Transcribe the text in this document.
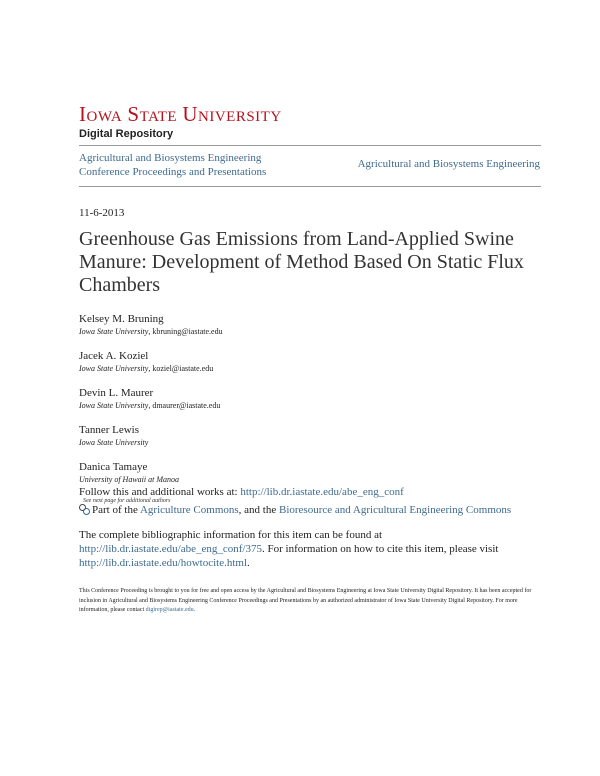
IOWA STATE UNIVERSITY
Digital Repository
Agricultural and Biosystems Engineering Conference Proceedings and Presentations
Agricultural and Biosystems Engineering
11-6-2013
Greenhouse Gas Emissions from Land-Applied Swine Manure: Development of Method Based On Static Flux Chambers
Kelsey M. Bruning
Iowa State University, kbruning@iastate.edu
Jacek A. Koziel
Iowa State University, koziel@iastate.edu
Devin L. Maurer
Iowa State University, dmaurer@iastate.edu
Tanner Lewis
Iowa State University
Danica Tamaye
University of Hawaii at Manoa
Follow this and additional works at: http://lib.dr.iastate.edu/abe_eng_conf
See next page for additional authors
Part of the Agriculture Commons, and the Bioresource and Agricultural Engineering Commons
The complete bibliographic information for this item can be found at http://lib.dr.iastate.edu/abe_eng_conf/375. For information on how to cite this item, please visit http://lib.dr.iastate.edu/howtocite.html.
This Conference Proceeding is brought to you for free and open access by the Agricultural and Biosystems Engineering at Iowa State University Digital Repository. It has been accepted for inclusion in Agricultural and Biosystems Engineering Conference Proceedings and Presentations by an authorized administrator of Iowa State University Digital Repository. For more information, please contact digirep@iastate.edu.
